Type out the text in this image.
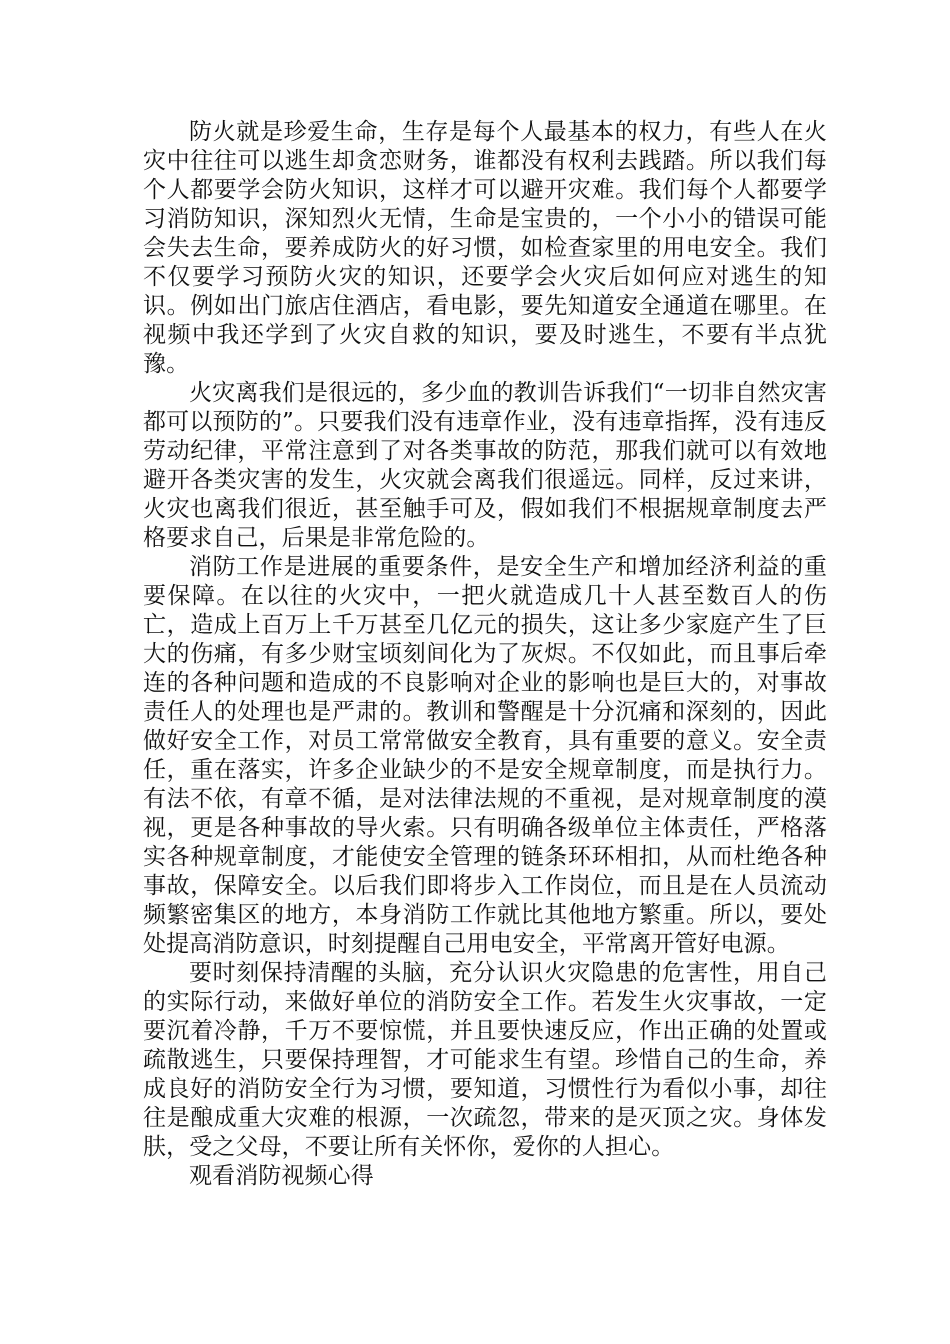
防火就是珍爱生命，生存是每个人最基本的权力，有些人在火灾中往往可以逃生却贪恋财务，谁都没有权利去践踏。所以我们每个人都要学会防火知识，这样才可以避开灾难。我们每个人都要学习消防知识，深知烈火无情，生命是宝贵的，一个小小的错误可能会失去生命，要养成防火的好习惯，如检查家里的用电安全。我们不仅要学习预防火灾的知识，还要学会火灾后如何应对逃生的知识。例如出门旅店住酒店，看电影，要先知道安全通道在哪里。在视频中我还学到了火灾自救的知识，要及时逃生，不要有半点犹豫。

火灾离我们是很远的，多少血的教训告诉我们“一切非自然灾害都可以预防的”。只要我们没有违章作业，没有违章指挥，没有违反劳动纪律，平常注意到了对各类事故的防范，那我们就可以有效地避开各类灾害的发生，火灾就会离我们很遥远。同样，反过来讲，火灾也离我们很近，甚至触手可及，假如我们不根据规章制度去严格要求自己，后果是非常危险的。

消防工作是进展的重要条件，是安全生产和增加经济利益的重要保障。在以往的火灾中，一把火就造成几十人甚至数百人的伤亡，造成上百万上千万甚至几亿元的损失，这让多少家庭产生了巨大的伤痛，有多少财宝顷刻间化为了灰烬。不仅如此，而且事后牵连的各种问题和造成的不良影响对企业的影响也是巨大的，对事故责任人的处理也是严肃的。教训和警醒是十分沉痛和深刻的，因此做好安全工作，对员工常常做安全教育，具有重要的意义。安全责任，重在落实，许多企业缺少的不是安全规章制度，而是执行力。有法不依，有章不循，是对法律法规的不重视，是对规章制度的漠视，更是各种事故的导火索。只有明确各级单位主体责任，严格落实各种规章制度，才能使安全管理的链条环环相扣，从而杜绝各种事故，保障安全。以后我们即将步入工作岗位，而且是在人员流动频繁密集区的地方，本身消防工作就比其他地方繁重。所以，要处处提高消防意识，时刻提醒自己用电安全，平常离开管好电源。

要时刻保持清醒的头脑，充分认识火灾隐患的危害性，用自己的实际行动，来做好单位的消防安全工作。若发生火灾事故，一定要沉着冷静，千万不要惊慌，并且要快速反应，作出正确的处置或疏散逃生，只要保持理智，才可能求生有望。珍惜自己的生命，养成良好的消防安全行为习惯，要知道，习惯性行为看似小事，却往往是酿成重大灾难的根源，一次疏忽，带来的是灭顶之灾。身体发肤，受之父母，不要让所有关怀你，爱你的人担心。

观看消防视频心得
